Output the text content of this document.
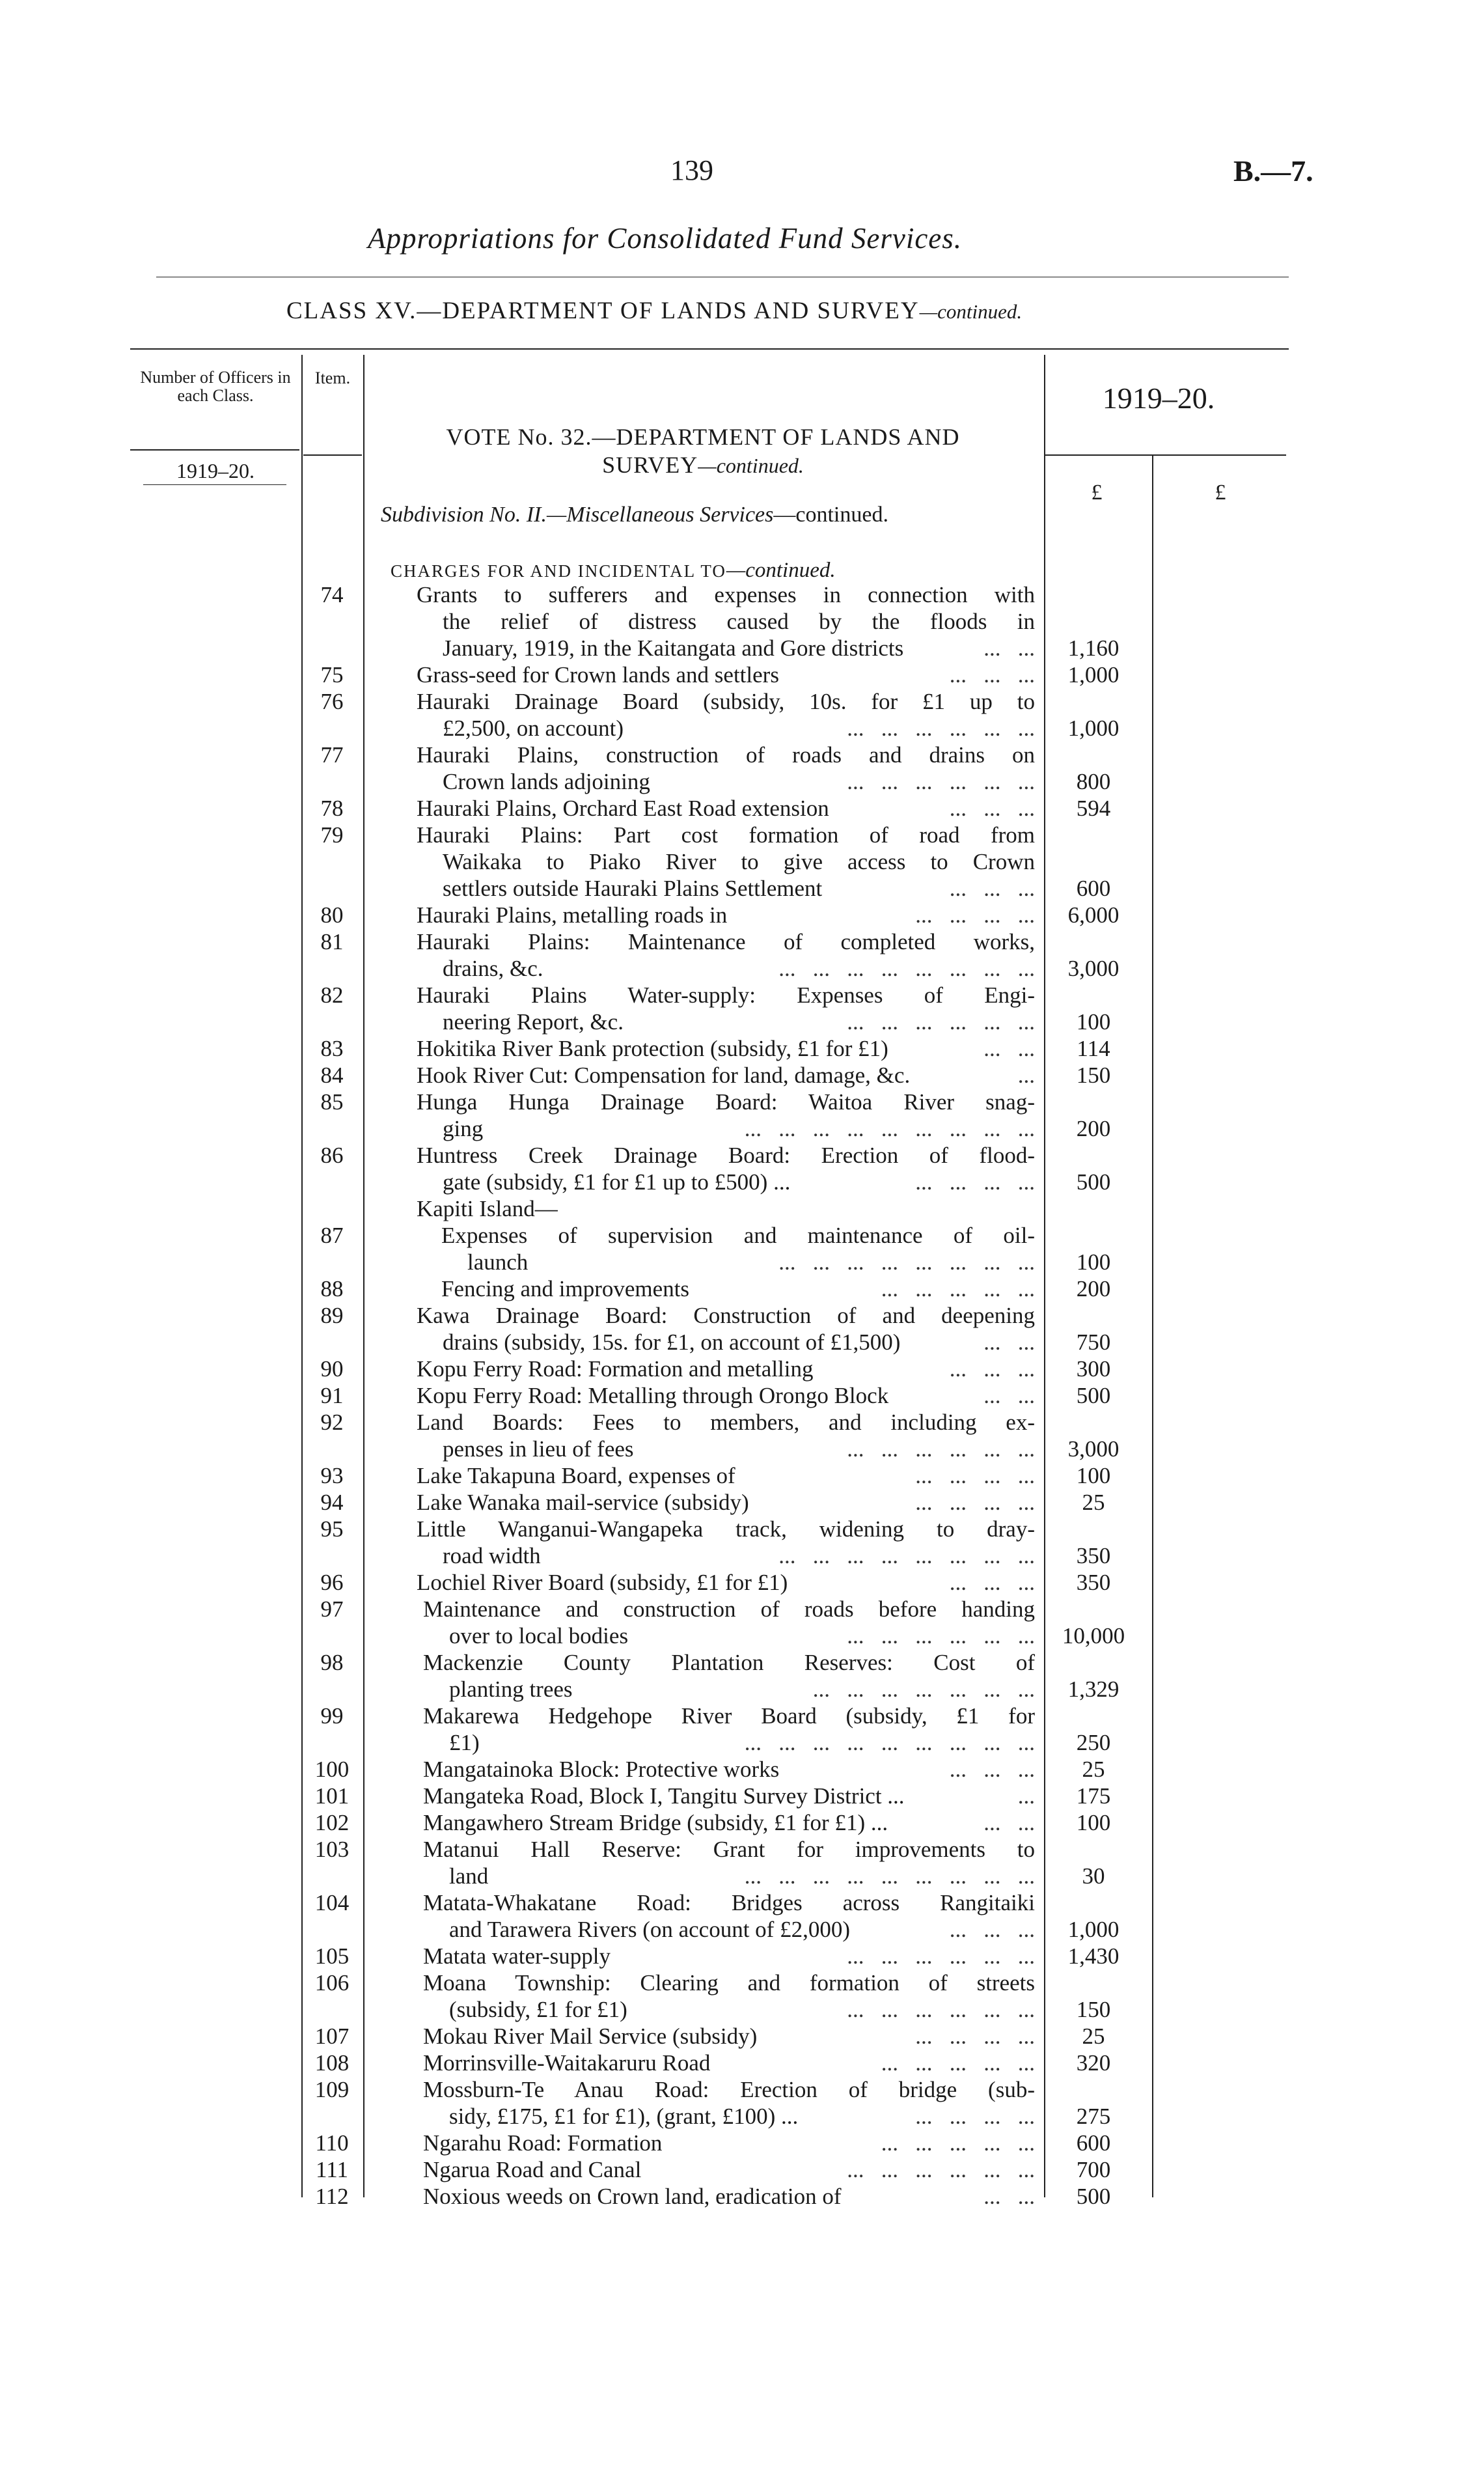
139	B.—7.
Appropriations for Consolidated Fund Services.
CLASS XV.—DEPARTMENT OF LANDS AND SURVEY—continued.
Number of Officers in each Class.
Item.
1919–20.
1919–20.
VOTE No. 32.—DEPARTMENT OF LANDS AND
SURVEY—continued.
£	£
Subdivision No. II.—Miscellaneous Services—continued.
CHARGES FOR AND INCIDENTAL TO—continued.
74	Grants to sufferers and expenses in connection with
the relief of distress caused by the floods in
January, 1919, in the Kaitangata and Gore districts	...   ...	1,160
75	Grass-seed for Crown lands and settlers	...   ...   ...	1,000
76	Hauraki Drainage Board (subsidy, 10s. for £1 up to
£2,500, on account)	...   ...   ...   ...   ...   ...	1,000
77	Hauraki Plains, construction of roads and drains on
Crown lands adjoining	...   ...   ...   ...   ...   ...	800
78	Hauraki Plains, Orchard East Road extension	...   ...   ...	594
79	Hauraki Plains: Part cost formation of road from
Waikaka to Piako River to give access to Crown
settlers outside Hauraki Plains Settlement	...   ...   ...	600
80	Hauraki Plains, metalling roads in	...   ...   ...   ...	6,000
81	Hauraki Plains: Maintenance of completed works,
drains, &c.	...   ...   ...   ...   ...   ...   ...   ...	3,000
82	Hauraki Plains Water-supply: Expenses of Engi-
neering Report, &c.	...   ...   ...   ...   ...   ...	100
83	Hokitika River Bank protection (subsidy, £1 for £1)	...   ...	114
84	Hook River Cut: Compensation for land, damage, &c.	...	150
85	Hunga Hunga Drainage Board: Waitoa River snag-
ging	...   ...   ...   ...   ...   ...   ...   ...   ...	200
86	Huntress Creek Drainage Board: Erection of flood-
gate (subsidy, £1 for £1 up to £500) ...	...   ...   ...   ...	500
Kapiti Island—
87	Expenses of supervision and maintenance of oil-
launch	...   ...   ...   ...   ...   ...   ...   ...	100
88	Fencing and improvements	...   ...   ...   ...   ...	200
89	Kawa Drainage Board: Construction of and deepening
drains (subsidy, 15s. for £1, on account of £1,500)	...   ...	750
90	Kopu Ferry Road: Formation and metalling	...   ...   ...	300
91	Kopu Ferry Road: Metalling through Orongo Block	...   ...	500
92	Land Boards: Fees to members, and including ex-
penses in lieu of fees	...   ...   ...   ...   ...   ...	3,000
93	Lake Takapuna Board, expenses of	...   ...   ...   ...	100
94	Lake Wanaka mail-service (subsidy)	...   ...   ...   ...	25
95	Little Wanganui-Wangapeka track, widening to dray-
road width	...   ...   ...   ...   ...   ...   ...   ...	350
96	Lochiel River Board (subsidy, £1 for £1)	...   ...   ...	350
97	Maintenance and construction of roads before handing
over to local bodies	...   ...   ...   ...   ...   ...	10,000
98	Mackenzie County Plantation Reserves: Cost of
planting trees	...   ...   ...   ...   ...   ...   ...	1,329
99	Makarewa Hedgehope River Board (subsidy, £1 for
£1)	...   ...   ...   ...   ...   ...   ...   ...   ...	250
100	Mangatainoka Block: Protective works	...   ...   ...	25
101	Mangateka Road, Block I, Tangitu Survey District ...	...	175
102	Mangawhero Stream Bridge (subsidy, £1 for £1) ...	...   ...	100
103	Matanui Hall Reserve: Grant for improvements to
land	...   ...   ...   ...   ...   ...   ...   ...   ...	30
104	Matata-Whakatane Road: Bridges across Rangitaiki
and Tarawera Rivers (on account of £2,000)	...   ...   ...	1,000
105	Matata water-supply	...   ...   ...   ...   ...   ...	1,430
106	Moana Township: Clearing and formation of streets
(subsidy, £1 for £1)	...   ...   ...   ...   ...   ...	150
107	Mokau River Mail Service (subsidy)	...   ...   ...   ...	25
108	Morrinsville-Waitakaruru Road	...   ...   ...   ...   ...	320
109	Mossburn-Te Anau Road: Erection of bridge (sub-
sidy, £175, £1 for £1), (grant, £100) ...	...   ...   ...   ...	275
110	Ngarahu Road: Formation	...   ...   ...   ...   ...	600
111	Ngarua Road and Canal	...   ...   ...   ...   ...   ...	700
112	Noxious weeds on Crown land, eradication of	...   ...	500
